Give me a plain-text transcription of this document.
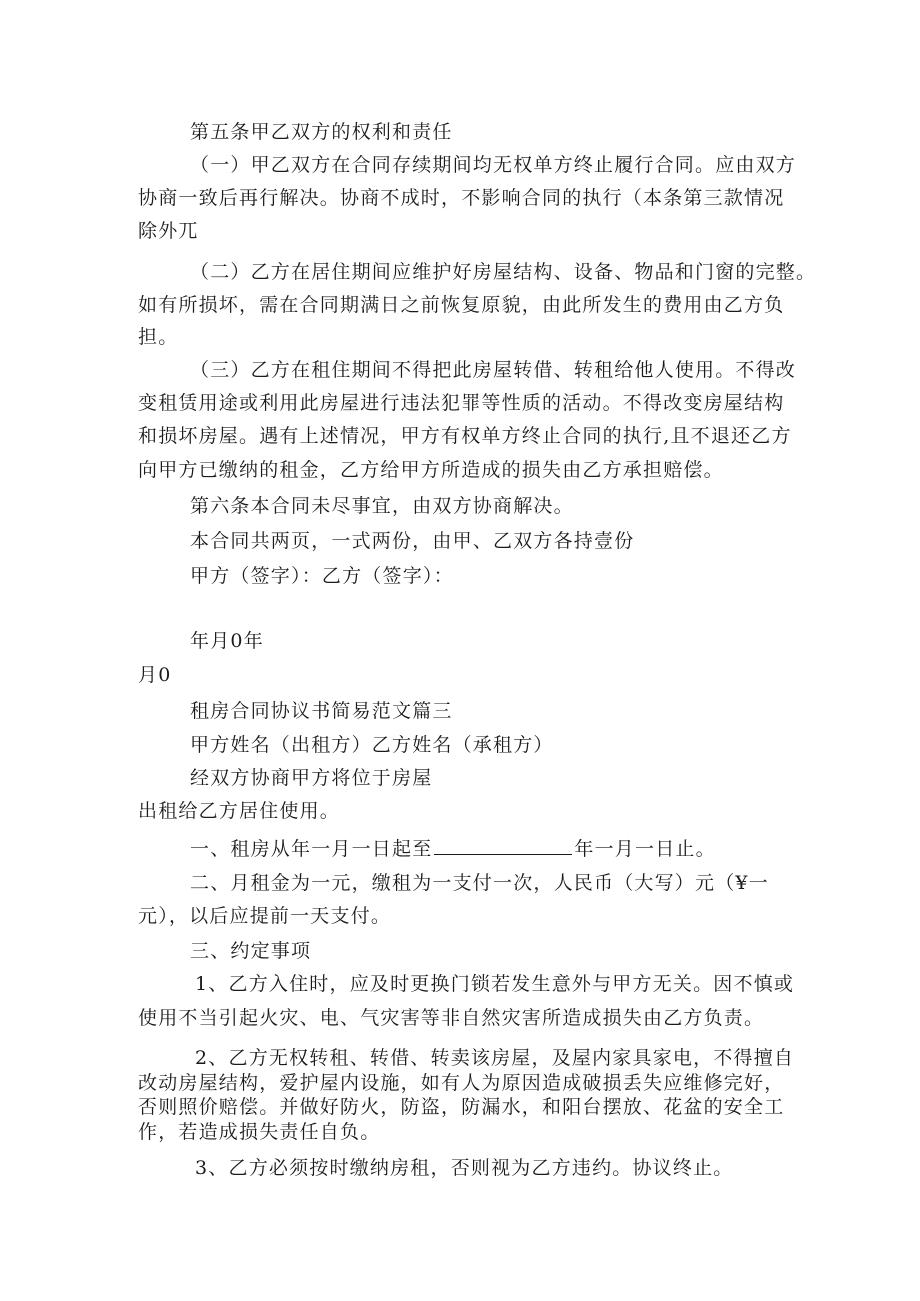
第五条甲乙双方的权利和责任
（一）甲乙双方在合同存续期间均无权单方终止履行合同。应由双方
协商一致后再行解决。协商不成时，不影响合同的执行（本条第三款情况
除外兀
（二）乙方在居住期间应维护好房屋结构、设备、物品和门窗的完整。
如有所损坏，需在合同期满日之前恢复原貌，由此所发生的费用由乙方负
担。
（三）乙方在租住期间不得把此房屋转借、转租给他人使用。不得改
变租赁用途或利用此房屋进行违法犯罪等性质的活动。不得改变房屋结构
和损坏房屋。遇有上述情况，甲方有权单方终止合同的执行,且不退还乙方
向甲方已缴纳的租金，乙方给甲方所造成的损失由乙方承担赔偿。
第六条本合同未尽事宜，由双方协商解决。
本合同共两页，一式两份，由甲、乙双方各持壹份
甲方（签字）：乙方（签字）：
年月0年
月0
租房合同协议书简易范文篇三
甲方姓名（出租方）乙方姓名（承租方）
经双方协商甲方将位于房屋
出租给乙方居住使用。
一、租房从年一月一日起至	年一月一日止。
二、月租金为一元，缴租为一支付一次，人民币（大写）元（¥一
元），以后应提前一天支付。
三、约定事项
1、乙方入住时，应及时更换门锁若发生意外与甲方无关。因不慎或
使用不当引起火灾、电、气灾害等非自然灾害所造成损失由乙方负责。
2、乙方无权转租、转借、转卖该房屋，及屋内家具家电，不得擅自
改动房屋结构，爱护屋内设施，如有人为原因造成破损丢失应维修完好，
否则照价赔偿。并做好防火，防盗，防漏水，和阳台摆放、花盆的安全工
作，若造成损失责任自负。
3、乙方必须按时缴纳房租，否则视为乙方违约。协议终止。
